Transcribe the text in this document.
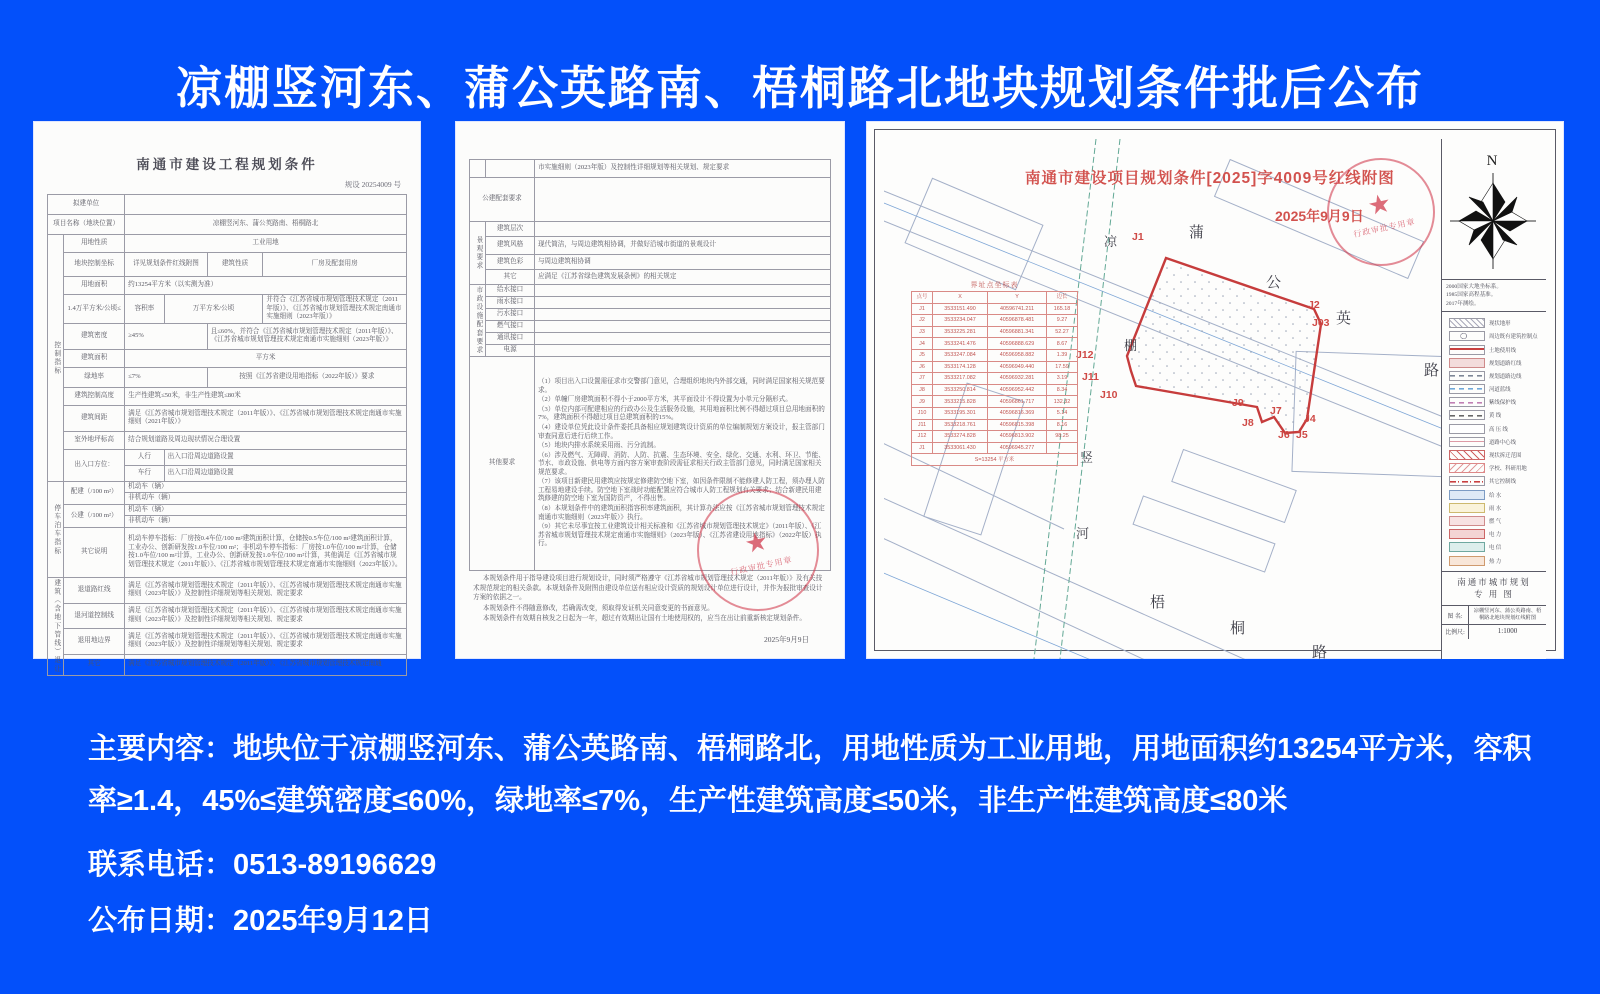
凉棚竖河东、蒲公英路南、梧桐路北地块规划条件批后公布
南通市建设工程规划条件
规设 20254009 号
拟建单位					
项目名称（地块位置）		凉棚竖河东、蒲公英路南、梧桐路北			
控制指标	用地性质	工业用地			
	地块控制坐标	详见规划条件红线附图		建筑性质	厂房及配套用房
	用地面积	约13254平方米（以实测为准）			
	1.4万平方米/公顷≤	容积率	万平方米/公顷		并符合《江苏省城市规划管理技术规定（2011年版）》、《江苏省城市规划管理技术规定南通市实施细则（2023年版）》
	建筑密度	≥45%		且≤60%，并符合《江苏省城市规划管理技术规定（2011年版）》、《江苏省城市规划管理技术规定南通市实施细则（2023年版）》	
	建筑面积	平方米			
	绿地率	≤7%		按照《江苏省建设用地指标（2022年版）》要求	
	建筑控制高度	生产性建筑≤50米，非生产性建筑≤80米			
	建筑间距	满足《江苏省城市规划管理技术规定（2011年版）》、《江苏省城市规划管理技术规定南通市实施细则（2021年版）》			
	室外地坪标高	结合规划道路及周边现状情况合理设置			
	出入口方位：	人行	出入口沿周边道路设置		
		车行	出入口沿周边道路设置		
停车泊车指标	配建（/100 m²）	机动车（辆）			
		非机动车（辆）			
	公建（/100 m²）	机动车（辆）			
		非机动车（辆）			
	其它说明	机动车停车指标：厂房按0.4车位/100 m²建筑面积计算，仓储按0.5车位/100 m²建筑面积计算，工业办公、创新研发按1.0车位/100 m²；非机动车停车指标：厂房按1.0车位/100 m²计算，仓储按1.0车位/100 m²计算，工业办公、创新研发按1.0车位/100 m²计算，其他满足《江苏省城市规划管理技术规定（2011年版）》、《江苏省城市规划管理技术规定南通市实施细则（2023年版）》。			
建筑（含地下管线）退让	退道路红线	满足《江苏省城市规划管理技术规定（2011年版）》、《江苏省城市规划管理技术规定南通市实施细则（2023年版）》及控制性详细规划等相关规划、规定要求			
	退河道控制线	满足《江苏省城市规划管理技术规定（2011年版）》、《江苏省城市规划管理技术规定南通市实施细则（2023年版）》及控制性详细规划等相关规划、规定要求			
	退用地边界	满足《江苏省城市规划管理技术规定（2011年版）》、《江苏省城市规划管理技术规定南通市实施细则（2023年版）》及控制性详细规划等相关规划、规定要求			
	其它	满足《江苏省城市规划管理技术规定（2011年版）》、《江苏省城市规划管理技术规定南通			
		市实施细则（2023年版）及控制性详细规划等相关规划、规定要求
公建配套要求		
景观要求	建筑层次	
	建筑风格	现代简洁，与周边建筑相协调，并做好沿城市街道的景观设计
	建筑色彩	与周边建筑相协调
	其它	应满足《江苏省绿色建筑发展条例》的相关规定
市政设施配套要求	给水接口	
	雨水接口	
	污水接口	
	燃气接口	
	通讯接口	
	电源	
其他要求	
（1）项目出入口设置需征求市交警部门意见，合理组织地块内外部交通，同时满足国家相关规范要求。
（2）单幢厂房建筑面积不得小于2000平方米，其平面设计不得设置为小单元分隔形式。
（3）单位内部可配建相应的行政办公及生活服务设施，其用地面积比例不得超过项目总用地面积的7%，建筑面积不得超过项目总建筑面积的15%。
（4）建设单位凭此设计条件委托具备相应规划建筑设计资质的单位编制规划方案设计，报主管部门审查同意后进行后续工作。
（5）地块内排水系统采用雨、污分流制。
（6）涉及燃气、无障碍、消防、人防、抗震、生态环境、安全、绿化、交通、水利、环卫、节能、节水、市政设施、供电等方面内容方案审查阶段需征求相关行政主管部门意见，同时满足国家相关规范要求。
（7）该项目新建民用建筑应按规定修建防空地下室，如因条件限制不能修建人防工程，须办理人防工程易地建设手续。防空地下室战时功能配置应符合城市人防工程规划有关要求；结合新建民用建筑修建的防空地下室为国防资产，不得出售。
（8）本规划条件中的建筑面积指容积率建筑面积，其计算办法应按《江苏省城市规划管理技术规定南通市实施细则（2023年版）》执行。
（9）其它未尽事宜按工业建筑设计相关标准和《江苏省城市规划管理技术规定》（2011年版）、《江苏省城市规划管理技术规定南通市实施细则》（2023年版）、《江苏省建设用地指标》（2022年版）执行。
本规划条件用于指导建设项目进行规划设计，同时须严格遵守《江苏省城市规划管理技术规定（2011年版）》及有关技术规范规定的相关条款。本规划条件及附图由建设单位送有相应设计资质的规划设计单位进行设计，并作为报批审查设计方案的依据之一。
本规划条件不得随意修改，若确需改变，须取得发证机关同意变更的书面意见。
本规划条件有效期自核发之日起为一年，超过有效期出让国有土地使用权的，应当在出让前重新核定规划条件。
2025年9月9日
★
行政审批专用章
J1
J2
J03
J4
J5
J6
J7
J8
J9
J10
J11
J12
蒲
公
英
路
凉
棚
竖
河
梧
桐
路
南通市建设项目规划条件[2025]字4009号红线附图
2025年9月9日
界址点坐标表
点号	X	Y	边长
J1	3533151.490	40596741.211	165.18
J2	3533234.047	40596878.481	9.27
J3	3533225.281	40596881.341	52.27
J4	3533241.476	40596888.629	8.67
J5	3533247.084	40596958.882	1.39
J6	3533174.128	40596949.440	17.59
J7	3533217.082	40596932.281	3.19
J8	3533250.814	40596952.442	8.34
J9	3533215.828	40596861.717	132.32
J10	3533195.301	40596816.369	5.14
J11	3533218.761	40596815.398	8.16
J12	3533274.828	40596813.902	98.25
J1	3533061.430	40596945.277	
S=13254 平方米			
★
行政审批专用章
N
2000国家大地坐标系。
1985国家高程基准。
2017年测绘。
现状地形
周边既有建筑控制点
土地使用线
规划道路红线
规划道路边线
河道蓝线
紫线保护线
黄 线
高 压 线
道路中心线
现状拆迁范围
学校、科研用地
其它控制线
给 水
雨 水
燃 气
电 力
电 信
热 力
南通市城市规划
专 用 图
图 名:
凉棚竖河东、蒲公英路南、梧桐路北地块规划红线附图
比例尺:	1:1000
主要内容：地块位于凉棚竖河东、蒲公英路南、梧桐路北，用地性质为工业用地，用地面积约13254平方米，容积率≥1.4，45%≤建筑密度≤60%，绿地率≤7%，生产性建筑高度≤50米，非生产性建筑高度≤80米
联系电话：0513-89196629
公布日期：2025年9月12日
